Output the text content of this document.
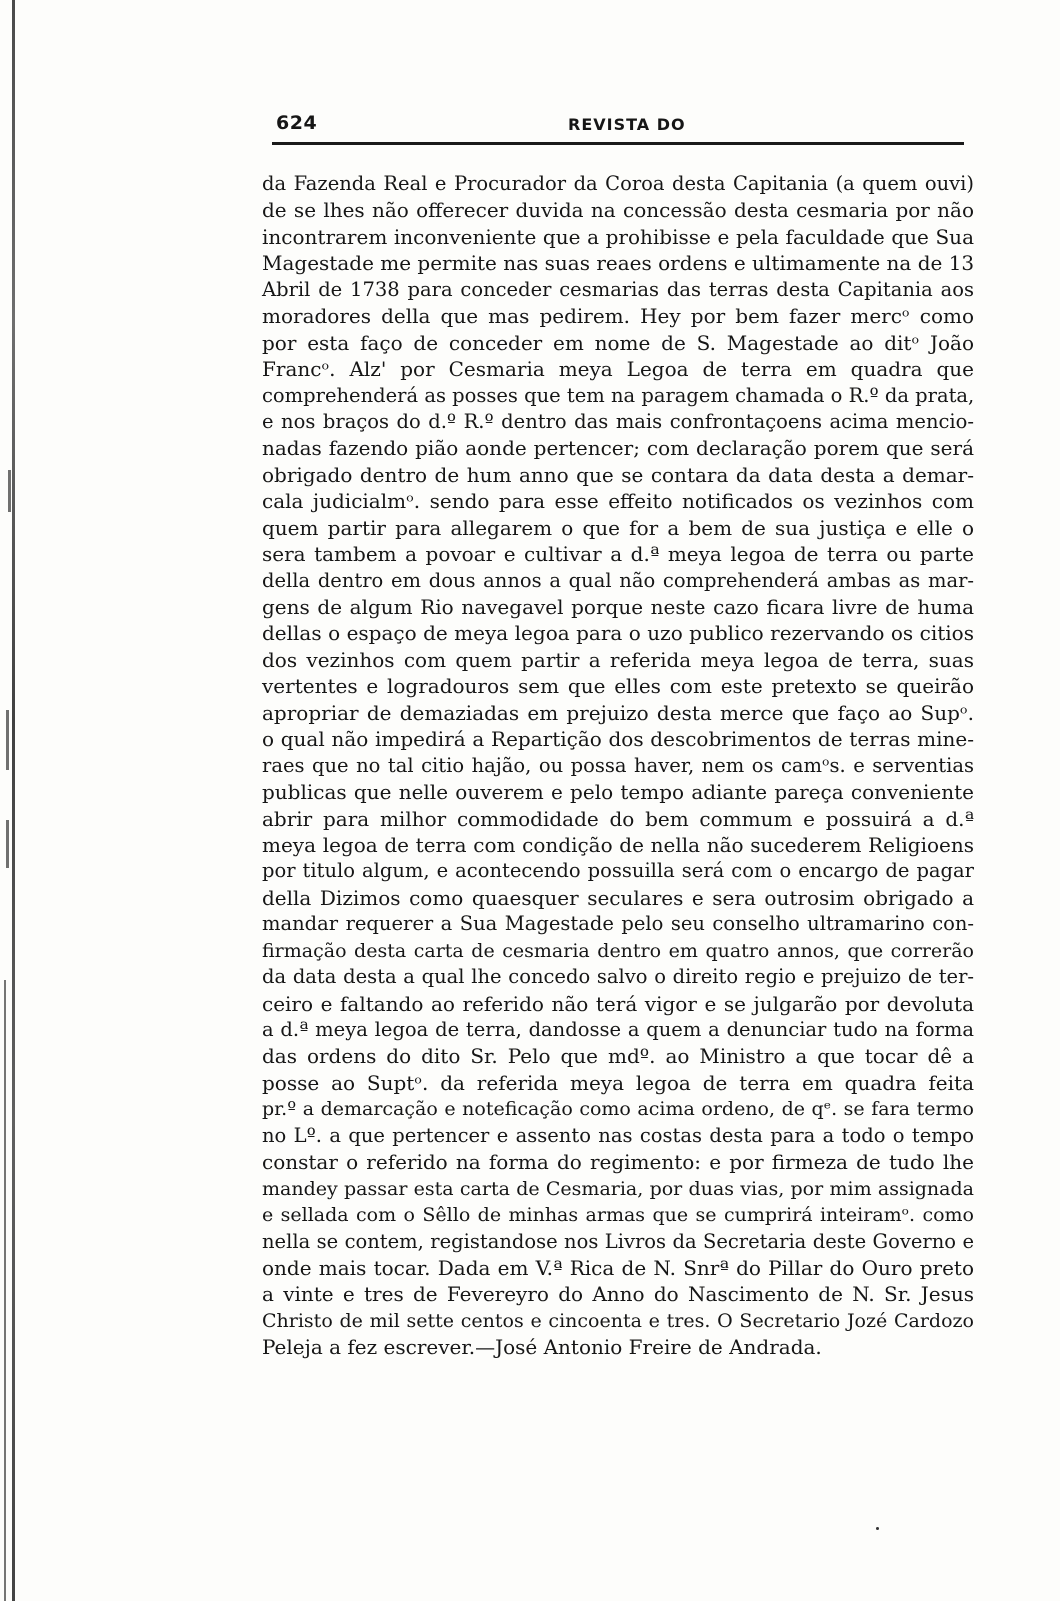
624	REVISTA DO
da Fazenda Real e Procurador da Coroa desta Capitania (a quem ouvi)
de se lhes não offerecer duvida na concessão desta cesmaria por não
incontrarem inconveniente que a prohibisse e pela faculdade que Sua
Magestade me permite nas suas reaes ordens e ultimamente na de 13
Abril de 1738 para conceder cesmarias das terras desta Capitania aos
moradores della que mas pedirem. Hey por bem fazer mercᵒ como
por esta faço de conceder em nome de S. Magestade ao ditᵒ João
Francᵒ. Alz' por Cesmaria meya Legoa de terra em quadra que
comprehenderá as posses que tem na paragem chamada o R.º da prata,
e nos braços do d.º R.º dentro das mais confrontaçoens acima mencio-
nadas fazendo pião aonde pertencer; com declaração porem que será
obrigado dentro de hum anno que se contara da data desta a demar-
cala judicialmᵒ. sendo para esse effeito notificados os vezinhos com
quem partir para allegarem o que for a bem de sua justiça e elle o
sera tambem a povoar e cultivar a d.ª meya legoa de terra ou parte
della dentro em dous annos a qual não comprehenderá ambas as mar-
gens de algum Rio navegavel porque neste cazo ficara livre de huma
dellas o espaço de meya legoa para o uzo publico rezervando os citios
dos vezinhos com quem partir a referida meya legoa de terra, suas
vertentes e logradouros sem que elles com este pretexto se queirão
apropriar de demaziadas em prejuizo desta merce que faço ao Supᵒ.
o qual não impedirá a Repartição dos descobrimentos de terras mine-
raes que no tal citio hajão, ou possa haver, nem os camᵒs. e serventias
publicas que nelle ouverem e pelo tempo adiante pareça conveniente
abrir para milhor commodidade do bem commum e possuirá a d.ª
meya legoa de terra com condição de nella não sucederem Religioens
por titulo algum, e acontecendo possuilla será com o encargo de pagar
della Dizimos como quaesquer seculares e sera outrosim obrigado a
mandar requerer a Sua Magestade pelo seu conselho ultramarino con-
firmação desta carta de cesmaria dentro em quatro annos, que correrão
da data desta a qual lhe concedo salvo o direito regio e prejuizo de ter-
ceiro e faltando ao referido não terá vigor e se julgarão por devoluta
a d.ª meya legoa de terra, dandosse a quem a denunciar tudo na forma
das ordens do dito Sr. Pelo que mdº. ao Ministro a que tocar dê a
posse ao Suptᵒ. da referida meya legoa de terra em quadra feita
pr.º a demarcação e noteficação como acima ordeno, de qᵉ. se fara termo
no Lº. a que pertencer e assento nas costas desta para a todo o tempo
constar o referido na forma do regimento: e por firmeza de tudo lhe
mandey passar esta carta de Cesmaria, por duas vias, por mim assignada
e sellada com o Sêllo de minhas armas que se cumprirá inteiramᵒ. como
nella se contem, registandose nos Livros da Secretaria deste Governo e
onde mais tocar. Dada em V.ª Rica de N. Snrª do Pillar do Ouro preto
a vinte e tres de Fevereyro do Anno do Nascimento de N. Sr. Jesus
Christo de mil sette centos e cincoenta e tres. O Secretario Jozé Cardozo
Peleja a fez escrever.—José Antonio Freire de Andrada.
